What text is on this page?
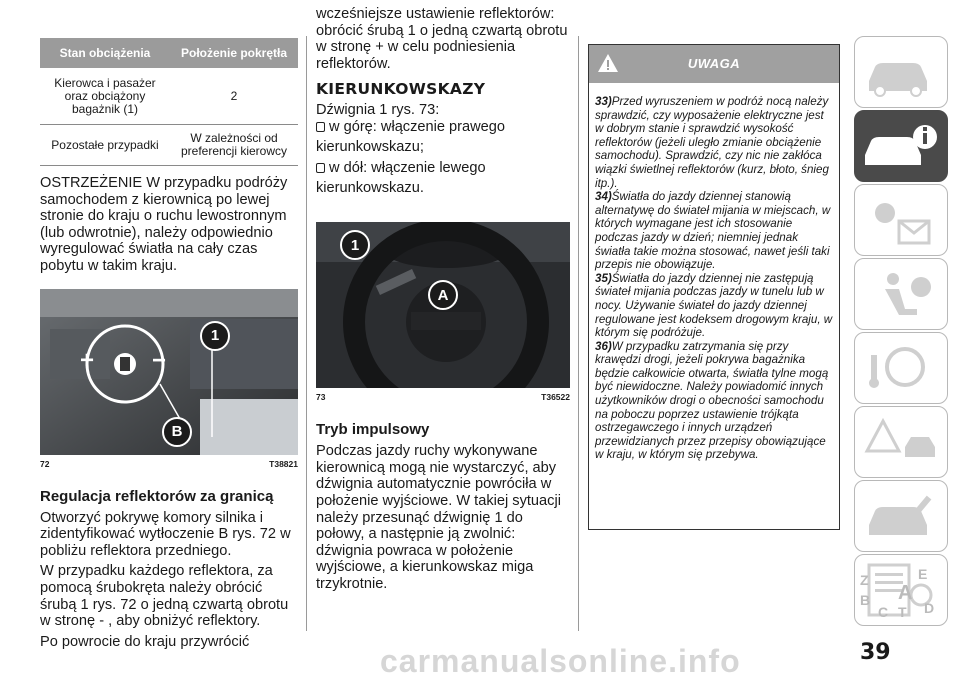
Stan obciążenia	Położenie pokrętła
Kierowca i pasażer oraz obciążony bagażnik (1)	2
Pozostałe przypadki	W zależności od preferencji kierowcy

OSTRZEŻENIE W przypadku podróży samochodem z kierownicą po lewej stronie do kraju o ruchu lewostronnym (lub odwrotnie), należy odpowiednio wyregulować światła na cały czas pobytu w takim kraju.

+ −
1
B
72	T38821
Regulacja reflektorów za granicą

Otworzyć pokrywę komory silnika i zidentyfikować wytłoczenie B rys. 72 w pobliżu reflektora przedniego.

W przypadku każdego reflektora, za pomocą śrubokręta należy obrócić śrubą 1 rys. 72 o jedną czwartą obrotu w stronę - , aby obniżyć reflektory.

Po powrocie do kraju przywrócić

wcześniejsze ustawienie reflektorów: obrócić śrubą 1 o jedną czwartą obrotu w stronę + w celu podniesienia reflektorów.

KIERUNKOWSKAZY

Dźwignia 1 rys. 73:

w górę: włączenie prawego

kierunkowskazu;

w dół: włączenie lewego

kierunkowskazu.

1
A
73	T36522
Tryb impulsowy

Podczas jazdy ruchy wykonywane kierownicą mogą nie wystarczyć, aby dźwignia automatycznie powróciła w położenie wyjściowe. W takiej sytuacji należy przesunąć dźwignię 1 do połowy, a następnie ją zwolnić: dźwignia powraca w położenie wyjściowe, a kierunkowskaz miga trzykrotnie.

UWAGA
33)Przed wyruszeniem w podróż nocą należy sprawdzić, czy wyposażenie elektryczne jest w dobrym stanie i sprawdzić wysokość reflektorów (jeżeli uległo zmianie obciążenie samochodu). Sprawdzić, czy nic nie zakłóca wiązki świetlnej reflektorów (kurz, błoto, śnieg itp.).
34)Światła do jazdy dziennej stanowią alternatywę do świateł mijania w miejscach, w których wymagane jest ich stosowanie podczas jazdy w dzień; niemniej jednak światła takie można stosować, nawet jeśli taki przepis nie obowiązuje.
35)Światła do jazdy dziennej nie zastępują świateł mijania podczas jazdy w tunelu lub w nocy. Używanie świateł do jazdy dziennej regulowane jest kodeksem drogowym kraju, w którym się podróżuje.
36)W przypadku zatrzymania się przy krawędzi drogi, jeżeli pokrywa bagażnika będzie całkowicie otwarta, światła tylne mogą być niewidoczne. Należy powiadomić innych użytkowników drogi o obecności samochodu na poboczu poprzez ustawienie trójkąta ostrzegawczego i innych urządzeń przewidzianych przez przepisy obowiązujące w kraju, w którym się przebywa.
Z	E
B A
C T D
39
carmanualsonline.info
